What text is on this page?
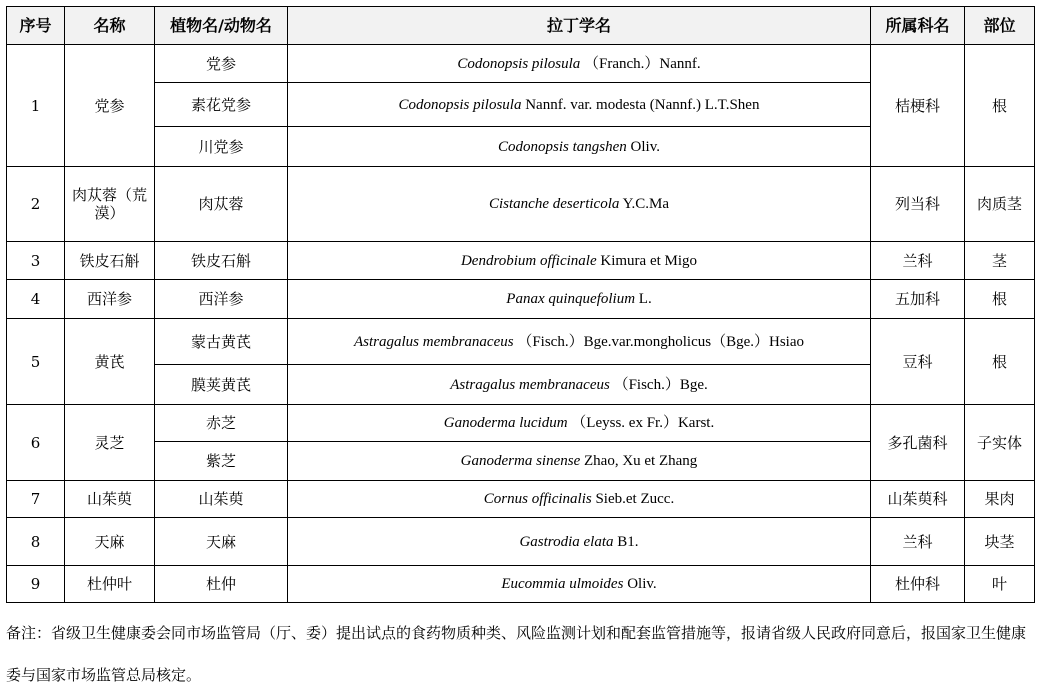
序号	名称	植物名/动物名	拉丁学名	所属科名	部位
1	党参	党参	Codonopsis pilosula （Franch.）Nannf.	桔梗科	根
		素花党参	Codonopsis pilosula Nannf. var. modesta (Nannf.) L.T.Shen		
		川党参	Codonopsis tangshen Oliv.		
2	肉苁蓉（荒漠）	肉苁蓉	Cistanche deserticola Y.C.Ma	列当科	肉质茎
3	铁皮石斛	铁皮石斛	Dendrobium officinale Kimura et Migo	兰科	茎
4	西洋参	西洋参	Panax quinquefolium L.	五加科	根
5	黄芪	蒙古黄芪	Astragalus membranaceus （Fisch.）Bge.var.mongholicus（Bge.）Hsiao	豆科	根
		膜荚黄芪	Astragalus membranaceus （Fisch.）Bge.		
6	灵芝	赤芝	Ganoderma lucidum （Leyss. ex Fr.）Karst.	多孔菌科	子实体
		紫芝	Ganoderma sinense Zhao, Xu et Zhang		
7	山茱萸	山茱萸	Cornus officinalis Sieb.et Zucc.	山茱萸科	果肉
8	天麻	天麻	Gastrodia elata B1.	兰科	块茎
9	杜仲叶	杜仲	Eucommia ulmoides Oliv.	杜仲科	叶
备注：省级卫生健康委会同市场监管局（厅、委）提出试点的食药物质种类、风险监测计划和配套监管措施等，报请省级人民政府同意后，报国家卫生健康委与国家市场监管总局核定。
